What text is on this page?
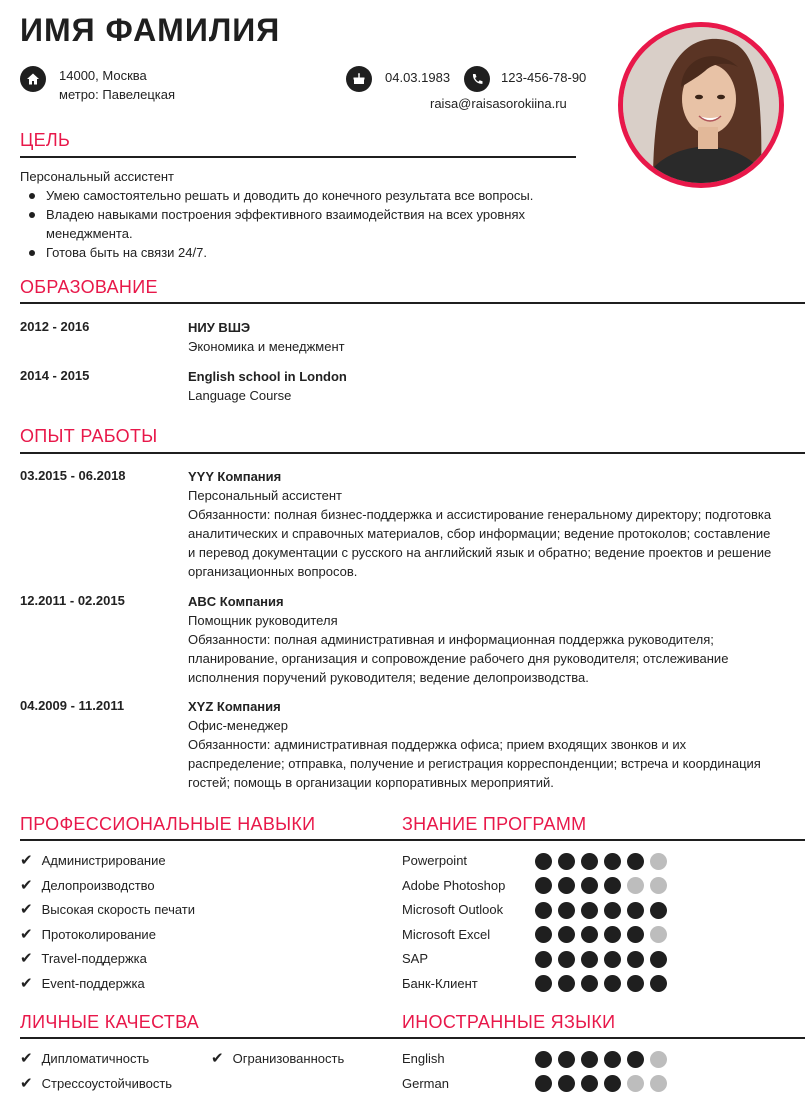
ИМЯ ФАМИЛИЯ
14000, Москва
метро: Павелецкая
04.03.1983	123-456-78-90
raisa@raisasorokiina.ru
ЦЕЛЬ
Персональный ассистент
Умею самостоятельно решать и доводить до конечного результата все вопросы.
Владею навыками построения эффективного взаимодействия на всех уровнях менеджмента.
Готова быть на связи 24/7.
ОБРАЗОВАНИЕ
2012 - 2016	НИУ ВШЭ
Экономика и менеджмент
2014 - 2015	English school in London
Language Course
ОПЫТ РАБОТЫ
03.2015 - 06.2018	YYY Компания
Персональный ассистент
Обязанности: полная бизнес-поддержка и ассистирование генеральному директору; подготовка аналитических и справочных материалов, сбор информации; ведение протоколов; составление и перевод документации с русского на английский язык и обратно; ведение проектов и решение организационных вопросов.
12.2011 - 02.2015	ABC Компания
Помощник руководителя
Обязанности: полная административная и информационная поддержка руководителя; планирование, организация и сопровождение рабочего дня руководителя; отслеживание исполнения поручений руководителя; ведение делопроизводства.
04.2009 - 11.2011	XYZ Компания
Офис-менеджер
Обязанности: административная поддержка офиса; прием входящих звонков и их распределение; отправка, получение и регистрация корреспонденции; встреча и координация гостей; помощь в организации корпоративных мероприятий.
ПРОФЕССИОНАЛЬНЫЕ НАВЫКИ
✔ Администрирование
✔ Делопроизводство
✔ Высокая скорость печати
✔ Протоколирование
✔ Travel-поддержка
✔ Event-поддержка
ЗНАНИЕ ПРОГРАММ
Powerpoint
Adobe Photoshop
Microsoft Outlook
Microsoft Excel
SAP
Банк-Клиент
ЛИЧНЫЕ КАЧЕСТВА
✔ Дипломатичность
✔ Стрессоустойчивость
✔ Огранизованность
ИНОСТРАННЫЕ ЯЗЫКИ
English
German
